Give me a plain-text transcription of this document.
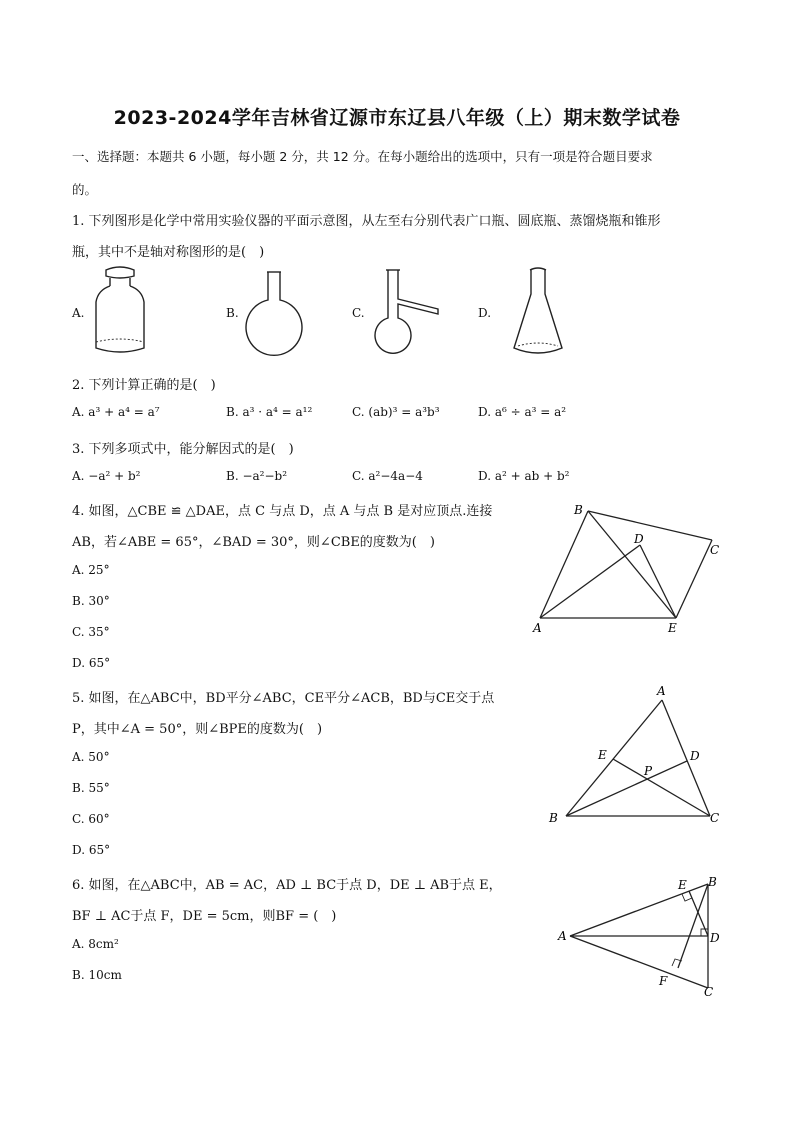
2023-2024学年吉林省辽源市东辽县八年级（上）期末数学试卷
一、选择题：本题共 6 小题，每小题 2 分，共 12 分。在每小题给出的选项中，只有一项是符合题目要求
的。
1. 下列图形是化学中常用实验仪器的平面示意图，从左至右分别代表广口瓶、圆底瓶、蒸馏烧瓶和锥形
瓶，其中不是轴对称图形的是(　)
A.	B.	C.	D.
2. 下列计算正确的是(　)
A. a³ + a⁴ = a⁷	B. a³ · a⁴ = a¹²	C. (ab)³ = a³b³	D. a⁶ ÷ a³ = a²
3. 下列多项式中，能分解因式的是(　)
A. −a² + b²	B. −a²−b²	C. a²−4a−4	D. a² + ab + b²
4. 如图，△CBE ≌ △DAE，点 C 与点 D，点 A 与点 B 是对应顶点.连接
AB，若∠ABE = 65°，∠BAD = 30°，则∠CBE的度数为(　)
A. 25°
B. 30°
C. 35°
D. 65°
B
D
C
A	E
5. 如图，在△ABC中，BD平分∠ABC，CE平分∠ACB，BD与CE交于点
P，其中∠A = 50°，则∠BPE的度数为(　)
A. 50°
B. 55°
C. 60°
D. 65°
A
E	D
P
B	C
6. 如图，在△ABC中，AB = AC，AD ⊥ BC于点 D，DE ⊥ AB于点 E，
BF ⊥ AC于点 F，DE = 5cm，则BF = (　)
A. 8cm²
B. 10cm
E B
A	D
F
C
